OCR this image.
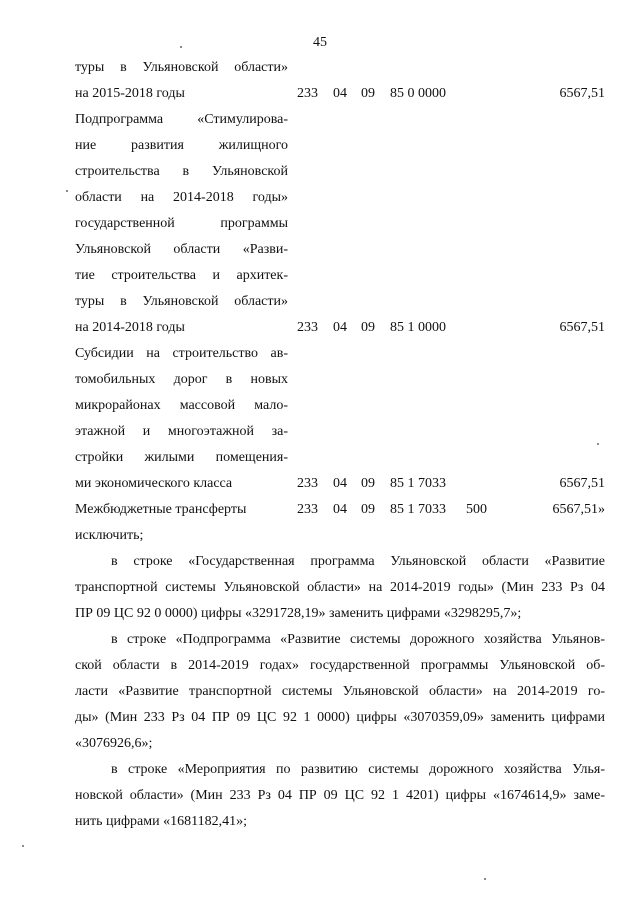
45
туры в Ульяновской области»
на 2015-2018 годы	233 04 09 85 0 0000	6567,51
Подпрограмма «Стимулирова-
ние развития жилищного
строительства в Ульяновской
области на 2014-2018 годы»
государственной программы
Ульяновской области «Разви-
тие строительства и архитек-
туры в Ульяновской области»
на 2014-2018 годы	233 04 09 85 1 0000	6567,51
Субсидии на строительство ав-
томобильных дорог в новых
микрорайонах массовой мало-
этажной и многоэтажной за-
стройки жилыми помещения-
ми экономического класса	233 04 09 85 1 7033	6567,51
Межбюджетные трансферты	233 04 09 85 1 7033 500	6567,51»
исключить;
в строке «Государственная программа Ульяновской области «Развитие
транспортной системы Ульяновской области» на 2014-2019 годы» (Мин 233 Рз 04
ПР 09 ЦС 92 0 0000) цифры «3291728,19» заменить цифрами «3298295,7»;
в строке «Подпрограмма «Развитие системы дорожного хозяйства Ульянов-
ской области в 2014-2019 годах» государственной программы Ульяновской об-
ласти «Развитие транспортной системы Ульяновской области» на 2014-2019 го-
ды» (Мин 233 Рз 04 ПР 09 ЦС 92 1 0000) цифры «3070359,09» заменить цифрами
«3076926,6»;
в строке «Мероприятия по развитию системы дорожного хозяйства Улья-
новской области» (Мин 233 Рз 04 ПР 09 ЦС 92 1 4201) цифры «1674614,9» заме-
нить цифрами «1681182,41»;
